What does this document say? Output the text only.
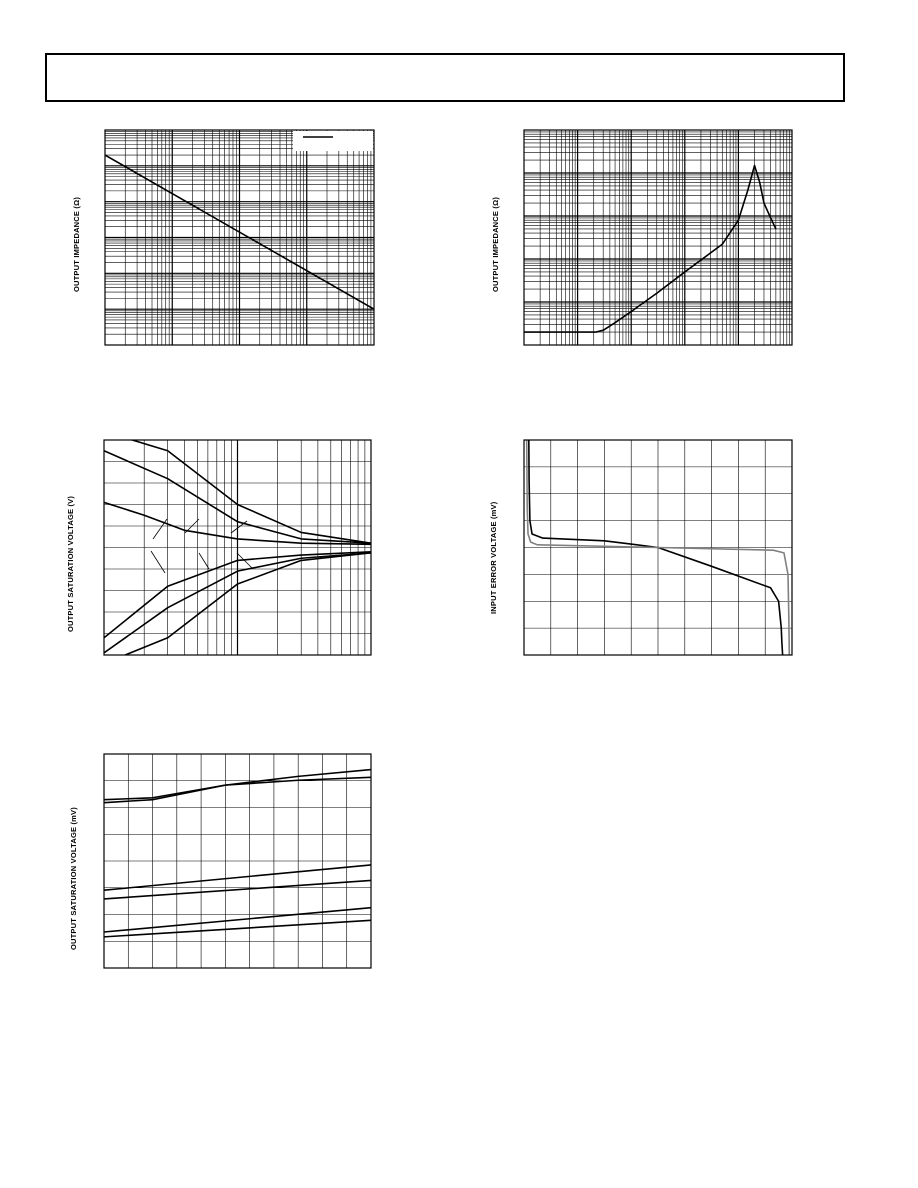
OUTPUT IMPEDANCE (Ω)	OUTPUT IMPEDANCE (Ω)
OUTPUT SATURATION VOLTAGE (V)	INPUT ERROR VOLTAGE (mV)
OUTPUT SATURATION VOLTAGE (mV)
